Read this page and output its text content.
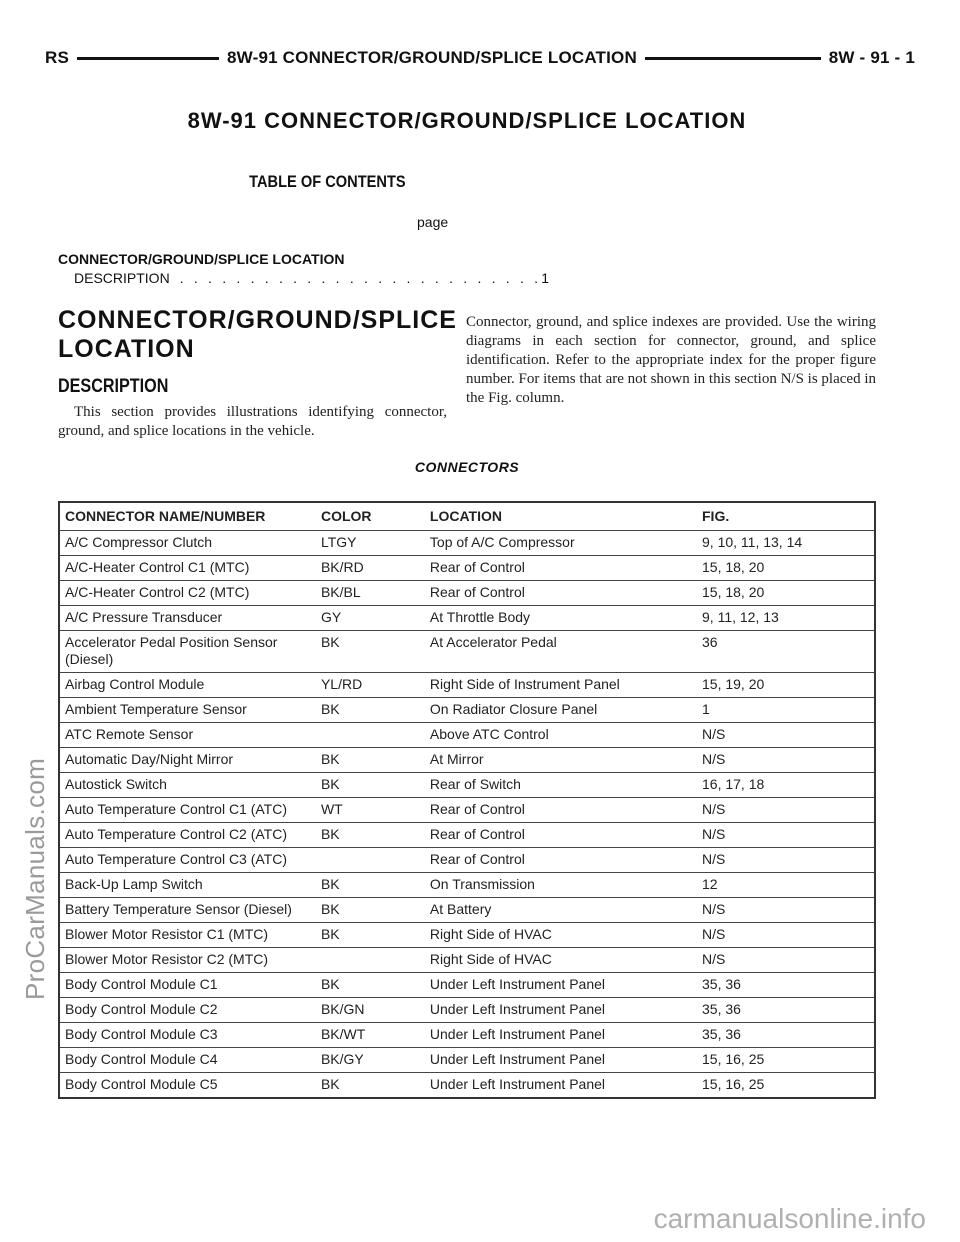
RS	8W-91 CONNECTOR/GROUND/SPLICE LOCATION	8W - 91 - 1
ProCarManuals.com
8W-91 CONNECTOR/GROUND/SPLICE LOCATION
TABLE OF CONTENTS
page
CONNECTOR/GROUND/SPLICE LOCATION
DESCRIPTION . . . . . . . . . . . . . . . . . . . . . . . . . . 1
CONNECTOR/GROUND/SPLICE LOCATION
DESCRIPTION
This section provides illustrations identifying connector, ground, and splice locations in the vehicle.
Connector, ground, and splice indexes are provided. Use the wiring diagrams in each section for connector, ground, and splice identification. Refer to the appropriate index for the proper figure number. For items that are not shown in this section N/S is placed in the Fig. column.
CONNECTORS
CONNECTOR NAME/NUMBER	COLOR	LOCATION	FIG.
A/C Compressor Clutch	LTGY	Top of A/C Compressor	9, 10, 11, 13, 14
A/C-Heater Control C1 (MTC)	BK/RD	Rear of Control	15, 18, 20
A/C-Heater Control C2 (MTC)	BK/BL	Rear of Control	15, 18, 20
A/C Pressure Transducer	GY	At Throttle Body	9, 11, 12, 13
Accelerator Pedal Position Sensor (Diesel)	BK	At Accelerator Pedal	36
Airbag Control Module	YL/RD	Right Side of Instrument Panel	15, 19, 20
Ambient Temperature Sensor	BK	On Radiator Closure Panel	1
ATC Remote Sensor		Above ATC Control	N/S
Automatic Day/Night Mirror	BK	At Mirror	N/S
Autostick Switch	BK	Rear of Switch	16, 17, 18
Auto Temperature Control C1 (ATC)	WT	Rear of Control	N/S
Auto Temperature Control C2 (ATC)	BK	Rear of Control	N/S
Auto Temperature Control C3 (ATC)		Rear of Control	N/S
Back-Up Lamp Switch	BK	On Transmission	12
Battery Temperature Sensor (Diesel)	BK	At Battery	N/S
Blower Motor Resistor C1 (MTC)	BK	Right Side of HVAC	N/S
Blower Motor Resistor C2 (MTC)		Right Side of HVAC	N/S
Body Control Module C1	BK	Under Left Instrument Panel	35, 36
Body Control Module C2	BK/GN	Under Left Instrument Panel	35, 36
Body Control Module C3	BK/WT	Under Left Instrument Panel	35, 36
Body Control Module C4	BK/GY	Under Left Instrument Panel	15, 16, 25
Body Control Module C5	BK	Under Left Instrument Panel	15, 16, 25
carmanualsonline.info
